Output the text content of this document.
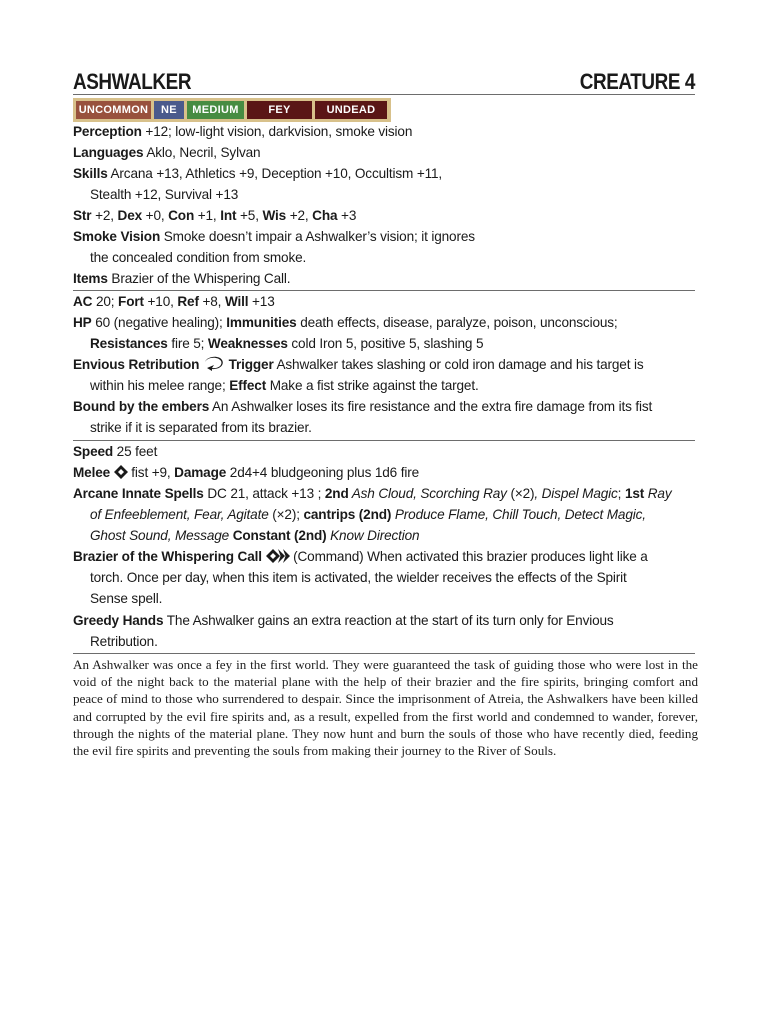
ASHWALKER	CREATURE 4
UNCOMMON	NE	MEDIUM	FEY	UNDEAD
Perception +12; low-light vision, darkvision, smoke vision
Languages Aklo, Necril, Sylvan
Skills Arcana +13, Athletics +9, Deception +10, Occultism +11,
Stealth +12, Survival +13
Str +2, Dex +0, Con +1, Int +5, Wis +2, Cha +3
Smoke Vision Smoke doesn’t impair a Ashwalker’s vision; it ignores
the concealed condition from smoke.
Items Brazier of the Whispering Call.
AC 20; Fort +10, Ref +8, Will +13
HP 60 (negative healing); Immunities death effects, disease, paralyze, poison, unconscious;
Resistances fire 5; Weaknesses cold Iron 5, positive 5, slashing 5
Envious Retribution Trigger Ashwalker takes slashing or cold iron damage and his target is
within his melee range; Effect Make a fist strike against the target.
Bound by the embers An Ashwalker loses its fire resistance and the extra fire damage from its fist
strike if it is separated from its brazier.
Speed 25 feet
Melee  fist +9, Damage 2d4+4 bludgeoning plus 1d6 fire
Arcane Innate Spells DC 21, attack +13 ; 2nd Ash Cloud, Scorching Ray (×2), Dispel Magic; 1st Ray
of Enfeeblement, Fear, Agitate (×2); cantrips (2nd) Produce Flame, Chill Touch, Detect Magic,
Ghost Sound, Message Constant (2nd) Know Direction
Brazier of the Whispering Call  (Command) When activated this brazier produces light like a
torch. Once per day, when this item is activated, the wielder receives the effects of the Spirit
Sense spell.
Greedy Hands The Ashwalker gains an extra reaction at the start of its turn only for Envious
Retribution.
An Ashwalker was once a fey in the first world. They were guaranteed the task of guiding those who were lost in the void of the night back to the material plane with the help of their brazier and the fire spirits, bringing comfort and peace of mind to those who surrendered to despair. Since the imprisonment of Atreia, the Ashwalkers have been killed and corrupted by the evil fire spirits and, as a result, expelled from the first world and condemned to wander, forever, through the nights of the material plane. They now hunt and burn the souls of those who have recently died, feeding the evil fire spirits and preventing the souls from making their journey to the River of Souls.
